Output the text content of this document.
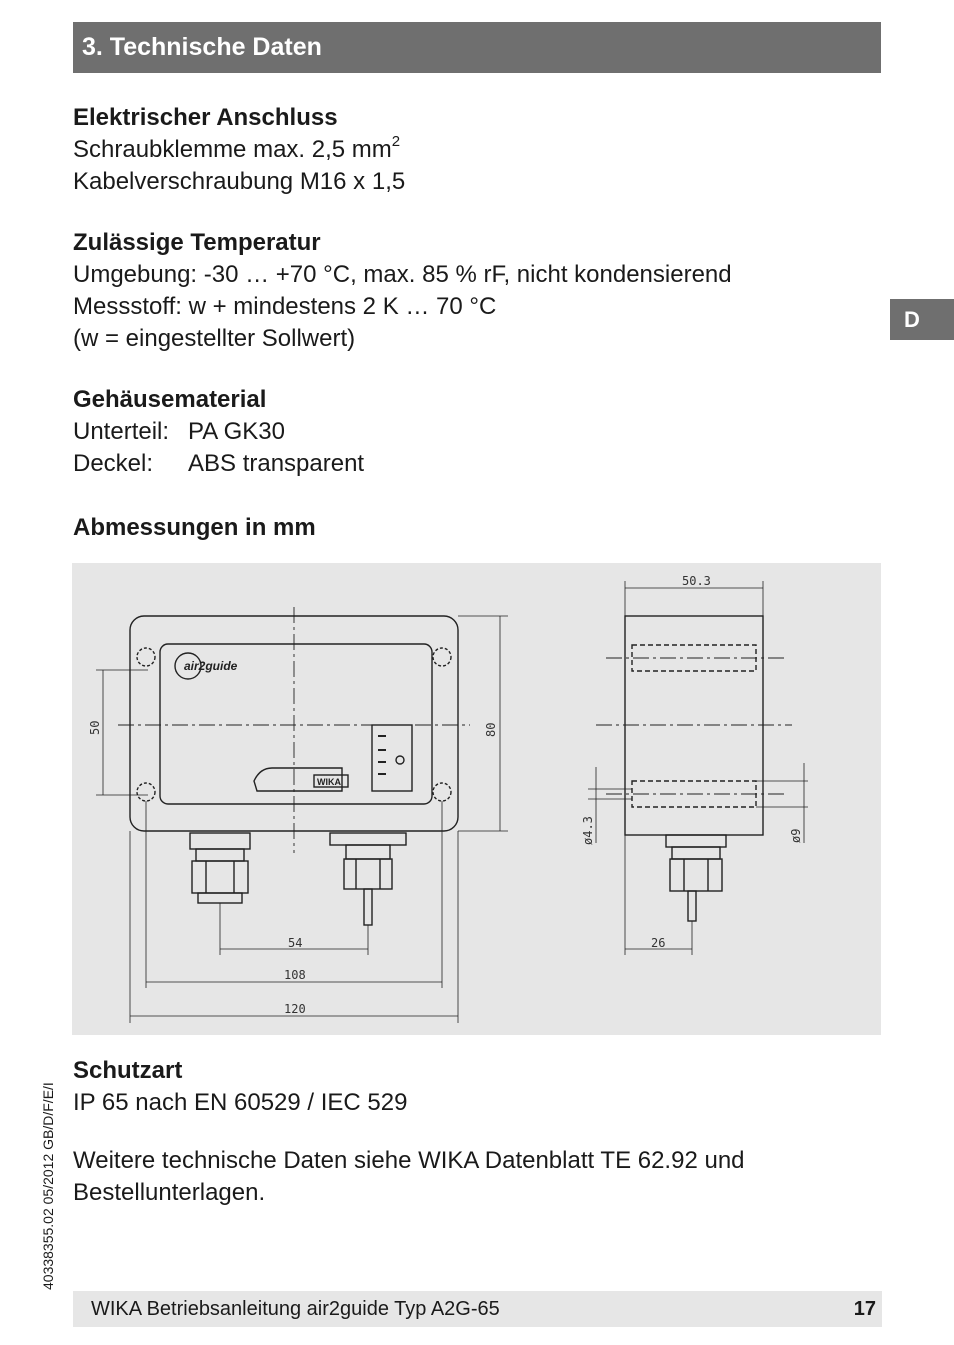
3. Technische Daten
D
Elektrischer Anschluss

Schraubklemme max. 2,5 $mm^2$

Kabelverschraubung M16 x 1,5

Zulässige Temperatur

Umgebung: -30 … +70 °C, max. 85 % rF, nicht kondensierend

Messstoff: w + mindestens 2 K … 70 °C

(w = eingestellter Sollwert)

Gehäusematerial
Unterteil: PA GK30
Deckel:	ABS transparent
Abmessungen in mm
air2guide
WIKA
54
108
120
50	80
50.3
26
ø4.3	ø9
Schutzart

IP 65 nach EN 60529 / IEC 529

Weitere technische Daten siehe WIKA Datenblatt TE 62.92 und

Bestellunterlagen.

40338355.02 05/2012 GB/D/F/E/I
WIKA Betriebsanleitung air2guide Typ A2G-65	17
